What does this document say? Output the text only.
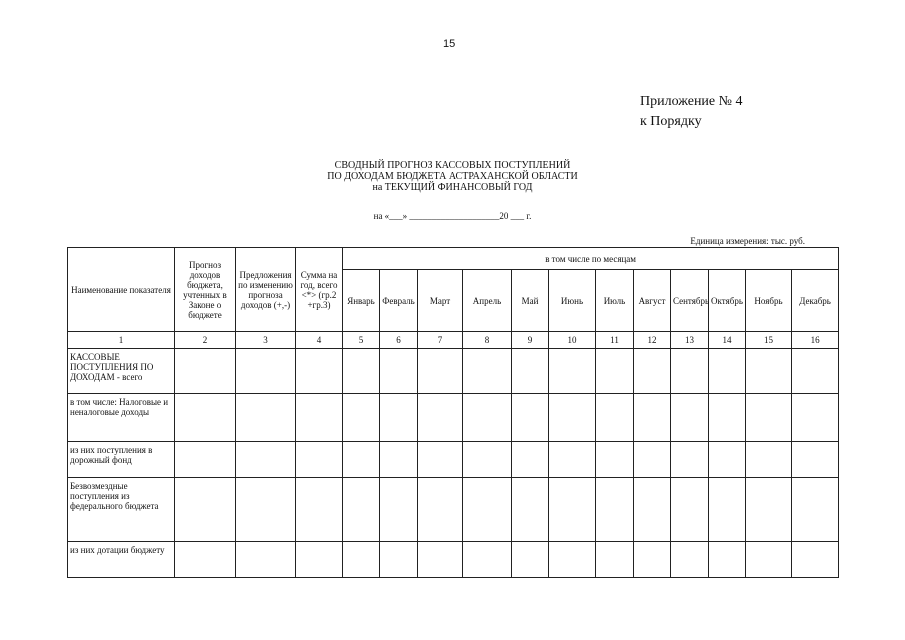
15
Приложение № 4
к Порядку
СВОДНЫЙ ПРОГНОЗ КАССОВЫХ ПОСТУПЛЕНИЙ
ПО ДОХОДАМ БЮДЖЕТА АСТРАХАНСКОЙ ОБЛАСТИ
на ТЕКУЩИЙ ФИНАНСОВЫЙ ГОД
на «___» ____________________20 ___ г.
Единица измерения: тыс. руб.
Наименование показателя	Прогноз доходов бюджета, учтенных в Законе о бюджете	Предложения по изменению прогноза доходов (+,-)	Сумма на год, всего <*> (гр.2 +гр.3)	в том числе по месяцам											
				Январь	Февраль	Март	Апрель	Май	Июнь	Июль	Август	Сентябрь	Октябрь	Ноябрь	Декабрь
1	2	3	4	5	6	7	8	9	10	11	12	13	14	15	16
КАССОВЫЕ ПОСТУПЛЕНИЯ ПО ДОХОДАМ - всего															
в том числе: Налоговые и неналоговые доходы															
из них поступления в дорожный фонд															
Безвозмездные поступления из федерального бюджета															
из них дотации бюджету															
